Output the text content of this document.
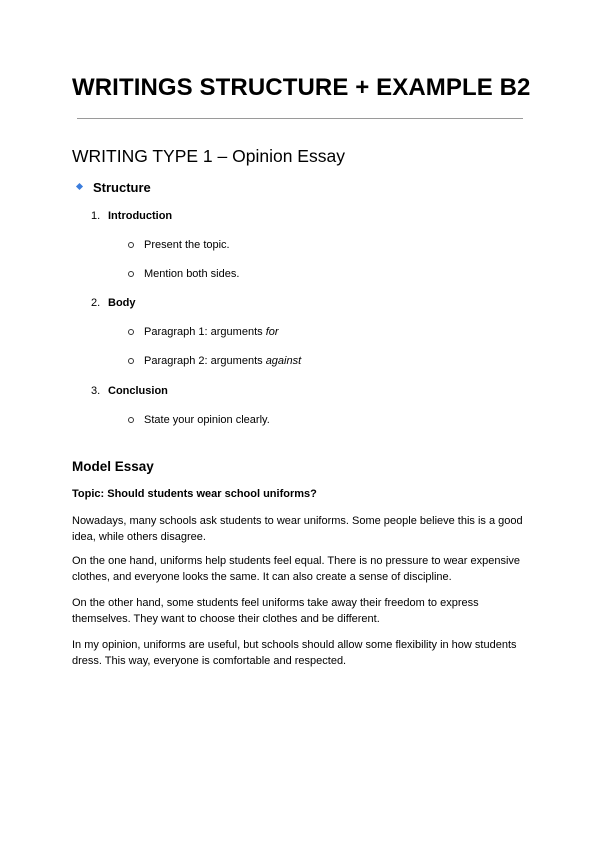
WRITINGS STRUCTURE + EXAMPLE B2
WRITING TYPE 1 – Opinion Essay
Structure
1. Introduction
Present the topic.
Mention both sides.
2. Body
Paragraph 1: arguments for
Paragraph 2: arguments against
3. Conclusion
State your opinion clearly.
Model Essay
Topic: Should students wear school uniforms?
Nowadays, many schools ask students to wear uniforms. Some people believe this is a good idea, while others disagree.
On the one hand, uniforms help students feel equal. There is no pressure to wear expensive clothes, and everyone looks the same. It can also create a sense of discipline.
On the other hand, some students feel uniforms take away their freedom to express themselves. They want to choose their clothes and be different.
In my opinion, uniforms are useful, but schools should allow some flexibility in how students dress. This way, everyone is comfortable and respected.
